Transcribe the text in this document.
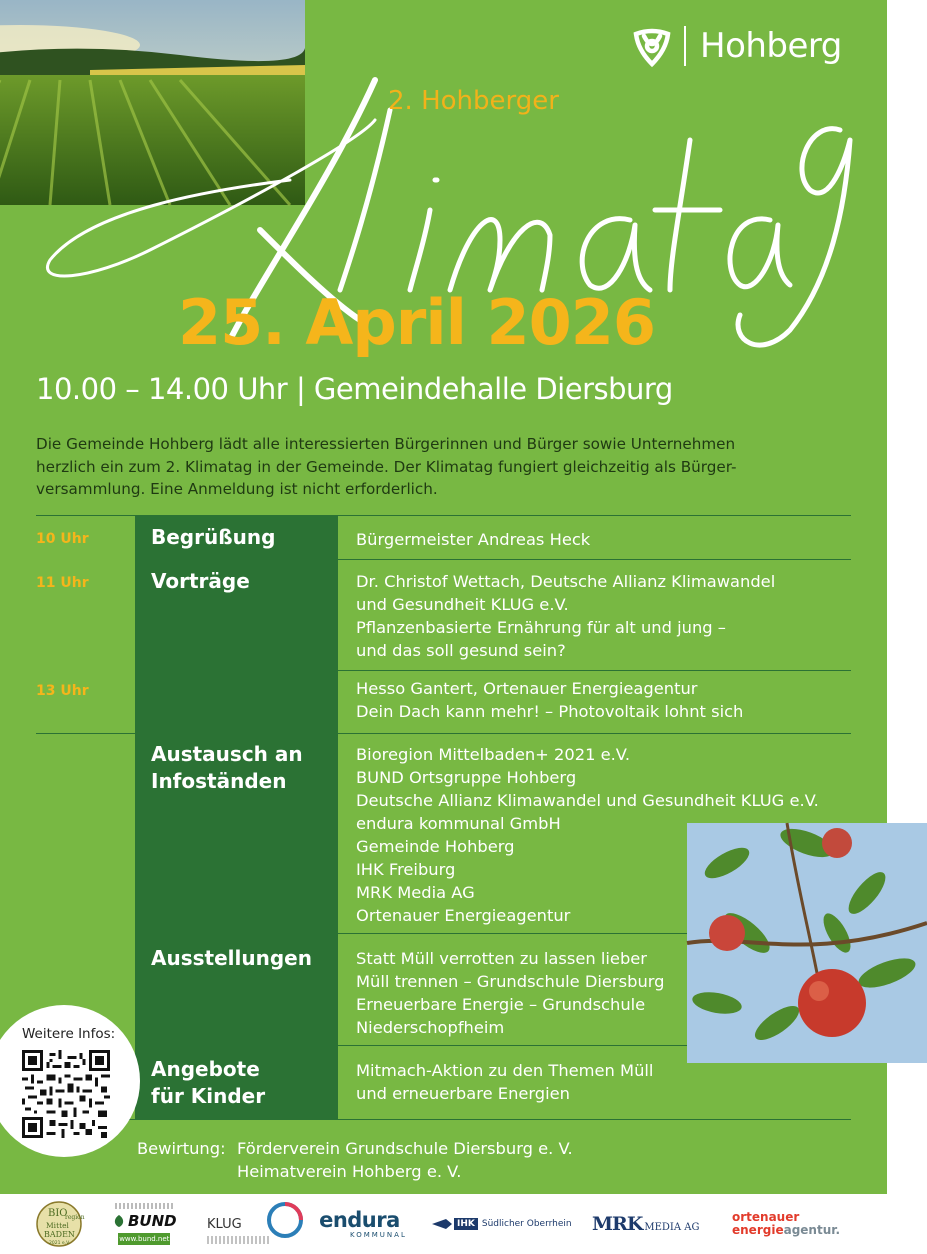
Hohberg
2. Hohberger
25. April 2026
10.00 – 14.00 Uhr | Gemeindehalle Diersburg
Die Gemeinde Hohberg lädt alle interessierten Bürgerinnen und Bürger sowie Unternehmen
herzlich ein zum 2. Klimatag in der Gemeinde. Der Klimatag fungiert gleichzeitig als Bürger-
versammlung. Eine Anmeldung ist nicht erforderlich.
10 Uhr
11 Uhr
13 Uhr
Begrüßung
Vorträge
Austausch an
Infoständen
Ausstellungen
Angebote
für Kinder
Bürgermeister Andreas Heck
Dr. Christof Wettach, Deutsche Allianz Klimawandel
und Gesundheit KLUG e.V.
Pflanzenbasierte Ernährung für alt und jung –
und das soll gesund sein?
Hesso Gantert, Ortenauer Energieagentur
Dein Dach kann mehr! – Photovoltaik lohnt sich
Bioregion Mittelbaden+ 2021 e.V.
BUND Ortsgruppe Hohberg
Deutsche Allianz Klimawandel und Gesundheit KLUG e.V.
endura kommunal GmbH
Gemeinde Hohberg
IHK Freiburg
MRK Media AG
Ortenauer Energieagentur
Statt Müll verrotten zu lassen lieber
Müll trennen – Grundschule Diersburg
Erneuerbare Energie – Grundschule
Niederschopfheim
Mitmach-Aktion zu den Themen Müll
und erneuerbare Energien
Weitere Infos:
Bewirtung: Förderverein Grundschule Diersburg e. V.
Heimatverein Hohberg e. V.
BIO
region
Mittel
BADEN
2021 e.V.
BUND
www.bund.net
KLUG	endura
KOMMUNAL
IHK Südlicher Oberrhein MRK MEDIA AG
ortenauer
energieagentur.
